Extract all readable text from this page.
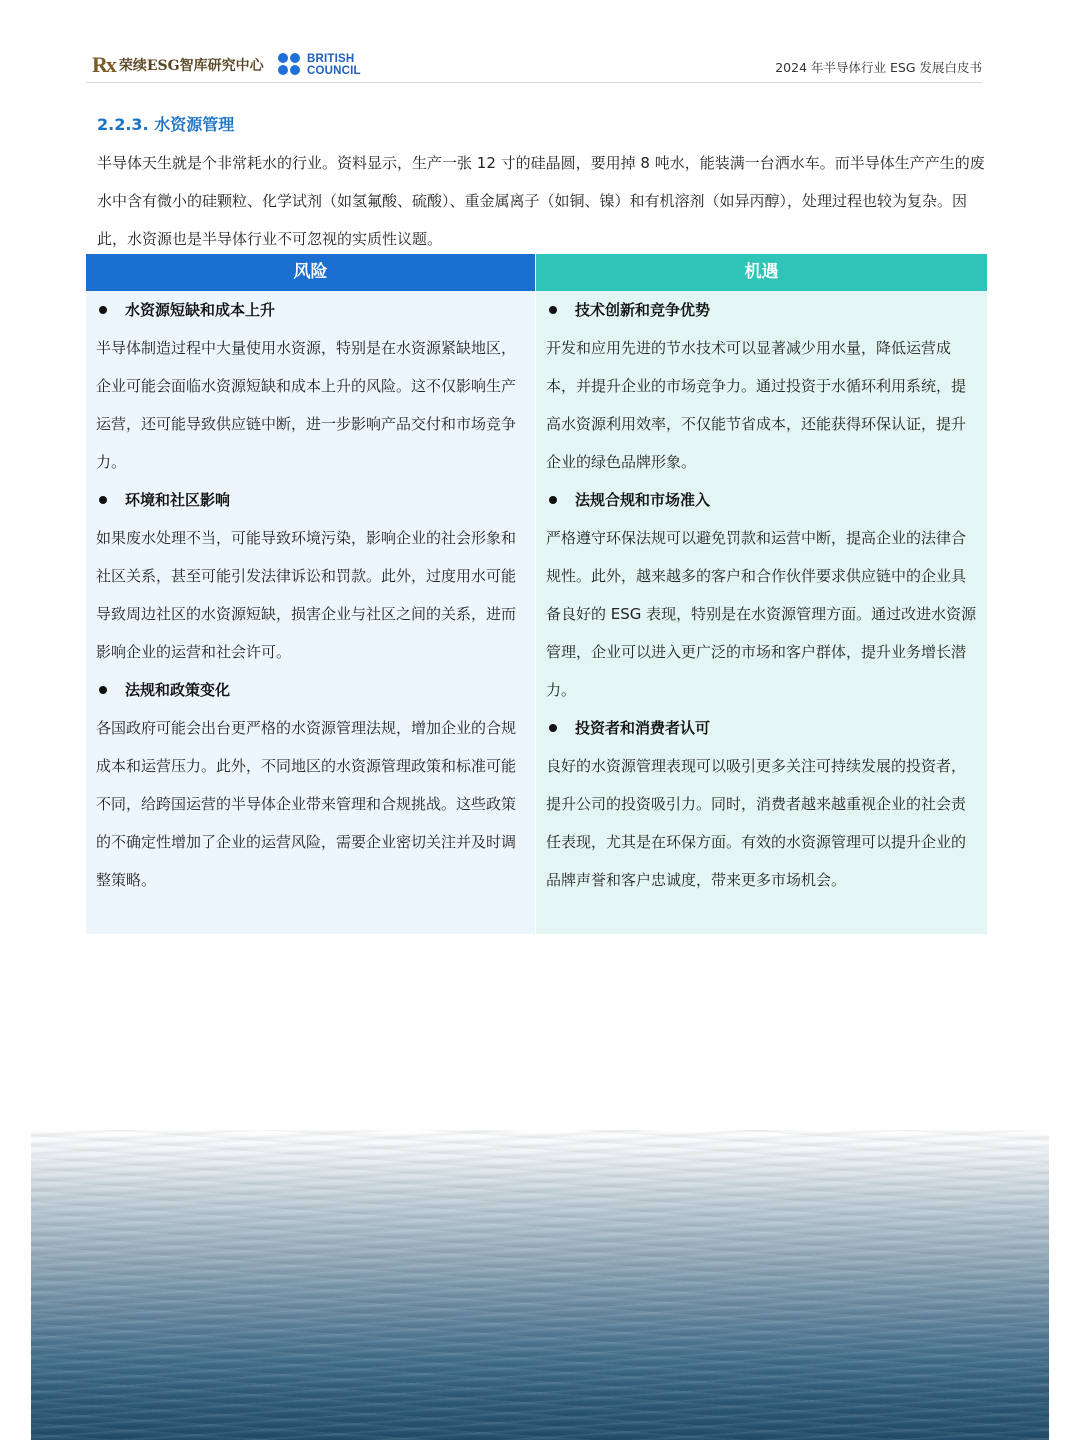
Rx 荣续ESG智库研究中心	BRITISH
COUNCIL	2024 年半导体行业 ESG 发展白皮书
2.2.3. 水资源管理

半导体天生就是个非常耗水的行业。资料显示，生产一张 12 寸的硅晶圆，要用掉 8 吨水，能装满一台洒水车。而半导体生产产生的废水中含有微小的硅颗粒、化学试剂（如氢氟酸、硫酸）、重金属离子（如铜、镍）和有机溶剂（如异丙醇），处理过程也较为复杂。因此，水资源也是半导体行业不可忽视的实质性议题。

风险
水资源短缺和成本上升

半导体制造过程中大量使用水资源，特别是在水资源紧缺地区，企业可能会面临水资源短缺和成本上升的风险。这不仅影响生产运营，还可能导致供应链中断，进一步影响产品交付和市场竞争力。

环境和社区影响

如果废水处理不当，可能导致环境污染，影响企业的社会形象和社区关系，甚至可能引发法律诉讼和罚款。此外，过度用水可能导致周边社区的水资源短缺，损害企业与社区之间的关系，进而影响企业的运营和社会许可。

法规和政策变化

各国政府可能会出台更严格的水资源管理法规，增加企业的合规成本和运营压力。此外，不同地区的水资源管理政策和标准可能不同，给跨国运营的半导体企业带来管理和合规挑战。这些政策的不确定性增加了企业的运营风险，需要企业密切关注并及时调整策略。

机遇
技术创新和竞争优势

开发和应用先进的节水技术可以显著减少用水量，降低运营成本，并提升企业的市场竞争力。通过投资于水循环利用系统，提高水资源利用效率，不仅能节省成本，还能获得环保认证，提升企业的绿色品牌形象。

法规合规和市场准入

严格遵守环保法规可以避免罚款和运营中断，提高企业的法律合规性。此外，越来越多的客户和合作伙伴要求供应链中的企业具备良好的 ESG 表现，特别是在水资源管理方面。通过改进水资源管理，企业可以进入更广泛的市场和客户群体，提升业务增长潜力。

投资者和消费者认可

良好的水资源管理表现可以吸引更多关注可持续发展的投资者，提升公司的投资吸引力。同时，消费者越来越重视企业的社会责任表现，尤其是在环保方面。有效的水资源管理可以提升企业的品牌声誉和客户忠诚度，带来更多市场机会。
